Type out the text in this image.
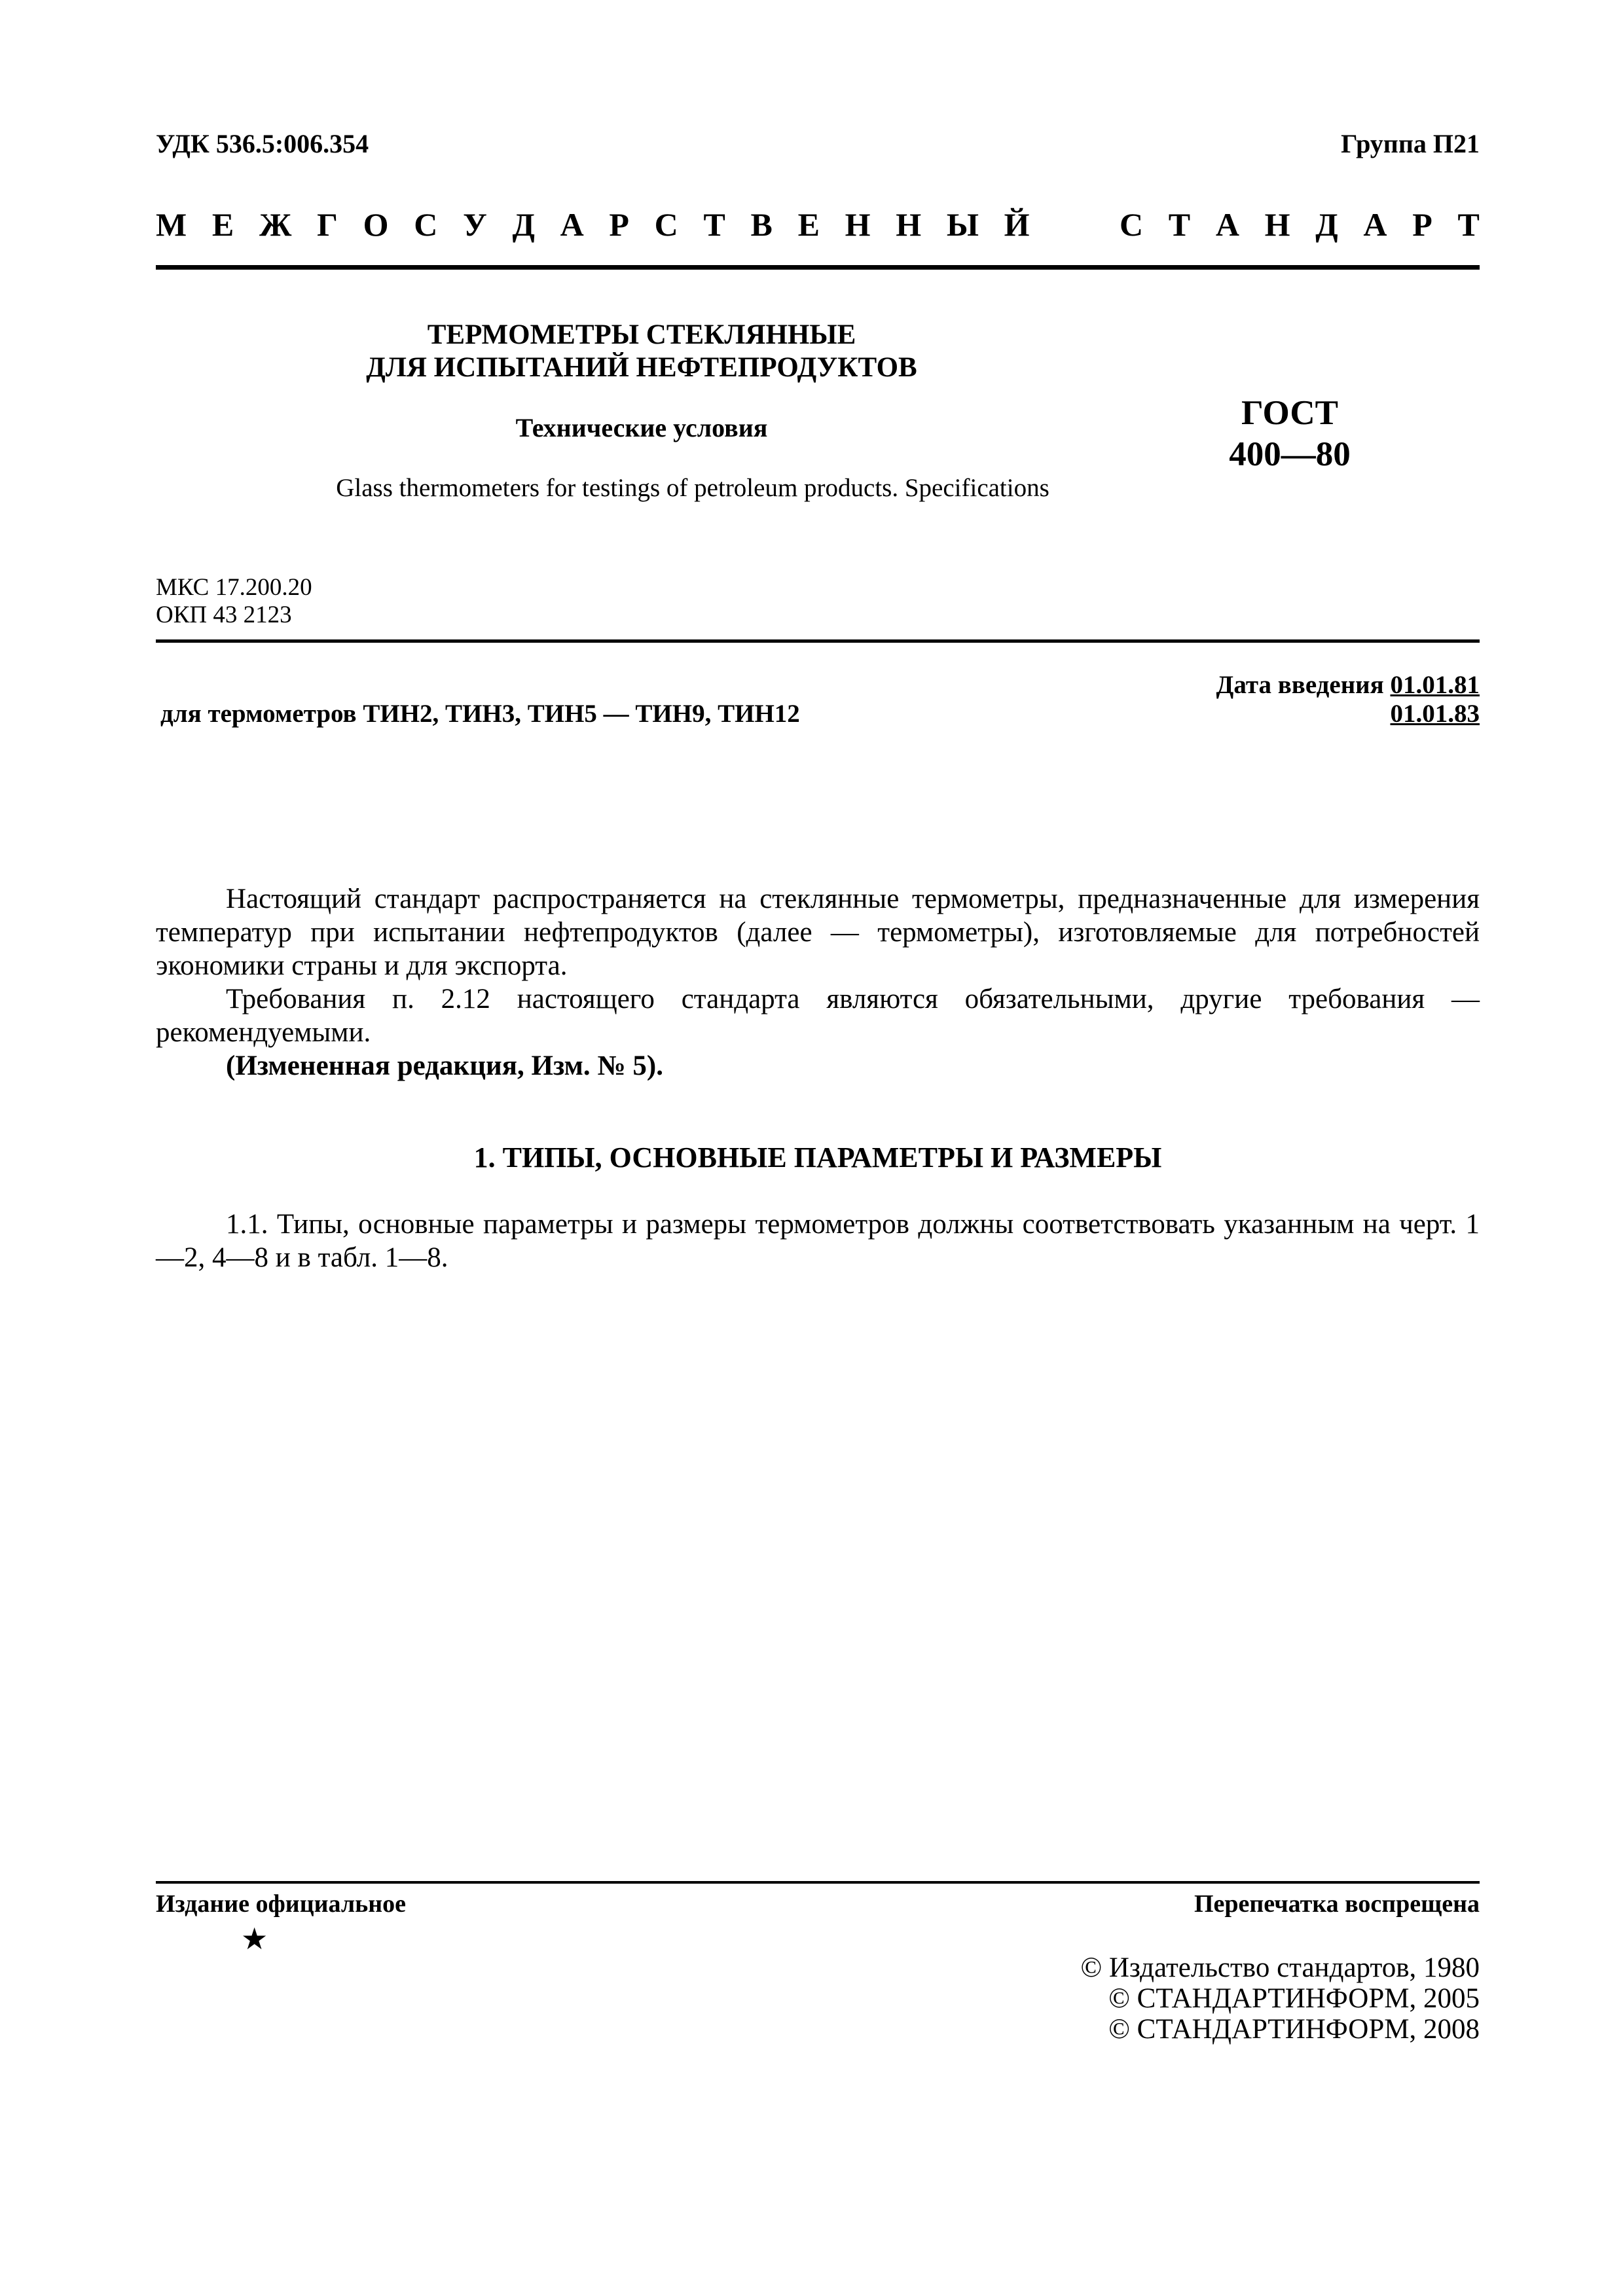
УДК 536.5:006.354	Группа П21
М Е Ж Г О С У Д А Р С Т В Е Н Н Ы Й	С Т А Н Д А Р Т
ТЕРМОМЕТРЫ СТЕКЛЯННЫЕ
ДЛЯ ИСПЫТАНИЙ НЕФТЕПРОДУКТОВ
Технические условия
Glass thermometers for testings of petroleum products. Specifications
ГОСТ
400—80
МКС 17.200.20
ОКП 43 2123
для термометров ТИН2, ТИН3, ТИН5 — ТИН9, ТИН12
Дата введения 01.01.81
01.01.83

Настоящий стандарт распространяется на стеклянные термометры, предназначенные для измерения температур при испытании нефтепродуктов (далее — термометры), изготовляемые для потребностей экономики страны и для экспорта.

Требования п. 2.12 настоящего стандарта являются обязательными, другие требования — рекомендуемыми.

(Измененная редакция, Изм. № 5).

1. ТИПЫ, ОСНОВНЫЕ ПАРАМЕТРЫ И РАЗМЕРЫ

1.1. Типы, основные параметры и размеры термометров должны соответствовать указанным на черт. 1—2, 4—8 и в табл. 1—8.

Издание официальное
★
Перепечатка воспрещена
© Издательство стандартов, 1980
© СТАНДАРТИНФОРМ, 2005
© СТАНДАРТИНФОРМ, 2008
